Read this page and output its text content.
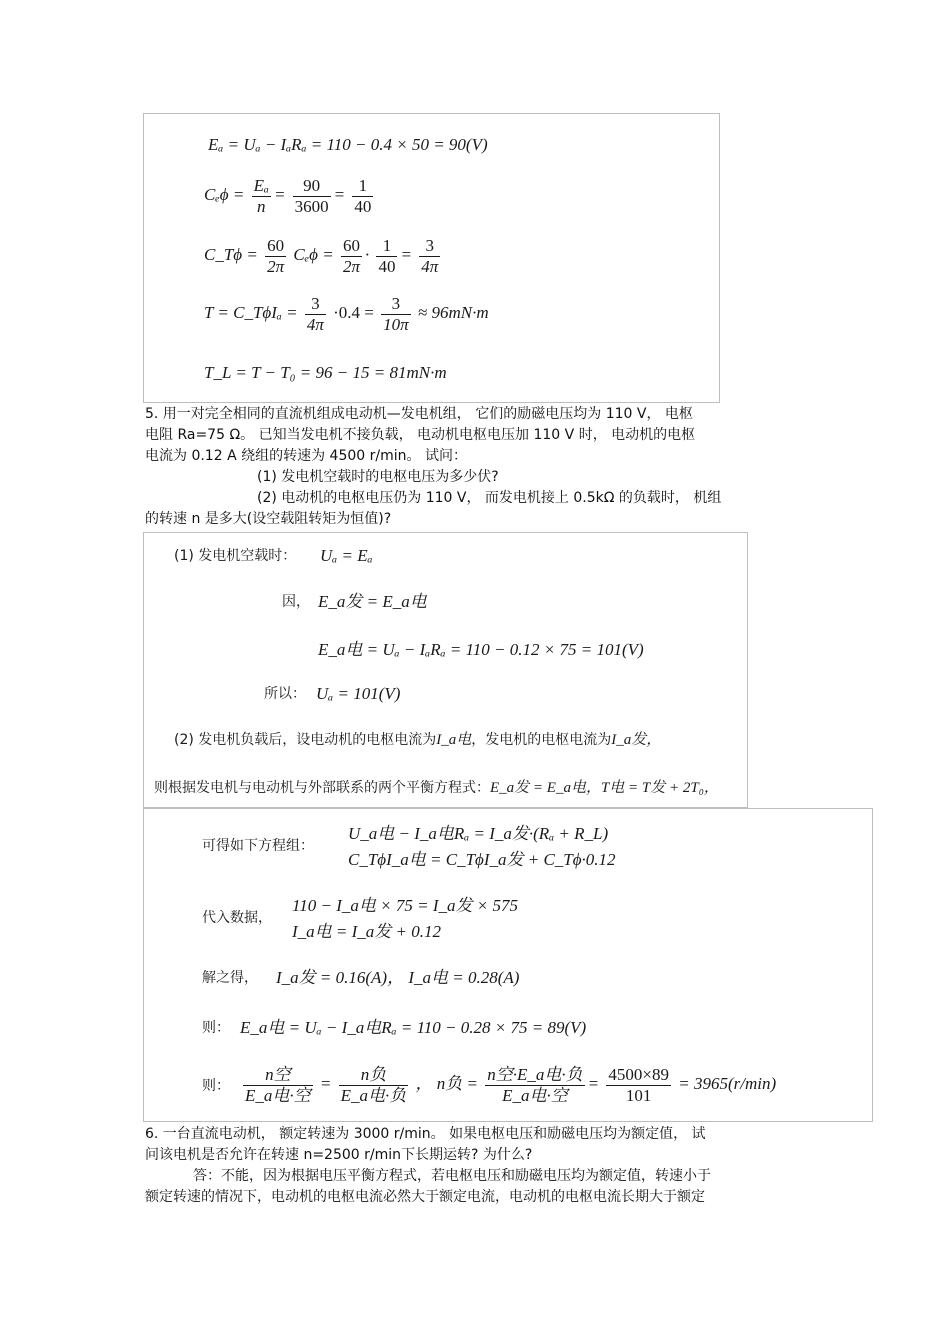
Eₐ = Uₐ − IₐRₐ = 110 − 0.4 × 50 = 90(V)
$C_e\phi = \frac{\text{Eₐ}}{n} = \frac{90}{3600} = \frac{1}{40}$
C_Tϕ = $\frac{60}{2\pi}$ $C_e\phi = \frac{60}{2\pi} \cdot \frac{1}{40} = \frac{3}{4\pi}$
T = C_TϕIₐ = $\frac{3}{4\pi} \cdot 0.4 = \frac{3}{10\pi} \approx 96mN\cdot m$
T_L = T − T₀ = 96 − 15 = 81mN·m

5. 用一对完全相同的直流机组成电动机—发电机组， 它们的励磁电压均为 110 V， 电枢

电阻 Ra=75 Ω。 已知当发电机不接负载， 电动机电枢电压加 110 V 时， 电动机的电枢

电流为 0.12 A 绕组的转速为 4500 r/min。 试问：

(1) 发电机空载时的电枢电压为多少伏?

(2) 电动机的电枢电压仍为 110 V， 而发电机接上 0.5kΩ 的负载时， 机组

的转速 n 是多大(设空载阻转矩为恒值)?

(1) 发电机空载时： Uₐ = Eₐ
因， E_a发 = E_a电
E_a电 = Uₐ − IₐRₐ = 110 − 0.12 × 75 = 101(V)
所以： Uₐ = 101(V)
(2) 发电机负载后，设电动机的电枢电流为I_a电，发电机的电枢电流为I_a发，
则根据发电机与电动机与外部联系的两个平衡方程式：E_a发 = E_a电，T电 = T发 + 2T₀，
可得如下方程组：
U_a电 − I_a电Rₐ = I_a发·(Rₐ + R_L)
C_TϕI_a电 = C_TϕI_a发 + C_Tϕ·0.12
代入数据，
110 − I_a电 × 75 = I_a发 × 575
I_a电 = I_a发 + 0.12
解之得， I_a发 = 0.16(A)， I_a电 = 0.28(A)
则： E_a电 = Uₐ − I_a电Rₐ = 110 − 0.28 × 75 = 89(V)
则： $\frac{\text{n空}}{\text{E\_a电·空}} = \frac{\text{n负}}{\text{E\_a电·负}}$ ， n负 = $\frac{\text{n空·E\_a电·负}}{\text{E\_a电·空}} = \frac{4500\times 89}{101} = 3965(r/\min)$

6. 一台直流电动机， 额定转速为 3000 r/min。 如果电枢电压和励磁电压均为额定值， 试

问该电机是否允许在转速 n=2500 r/min下长期运转? 为什么?

答：不能，因为根据电压平衡方程式，若电枢电压和励磁电压均为额定值，转速小于

额定转速的情况下，电动机的电枢电流必然大于额定电流，电动机的电枢电流长期大于额定
